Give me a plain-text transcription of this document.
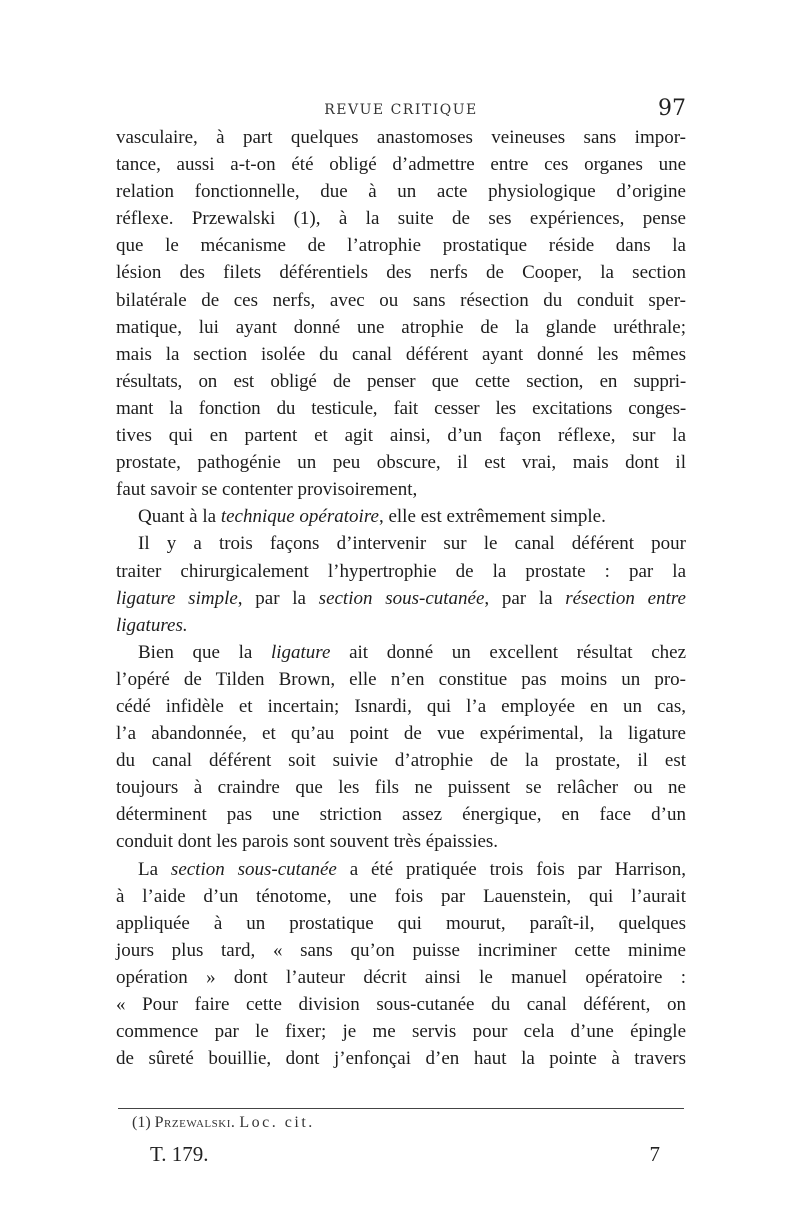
REVUE CRITIQUE	97
vasculaire, à part quelques anastomoses veineuses sans impor-
tance, aussi a-t-on été obligé d’admettre entre ces organes une
relation fonctionnelle, due à un acte physiologique d’origine
réflexe. Przewalski (1), à la suite de ses expériences, pense
que le mécanisme de l’atrophie prostatique réside dans la
lésion des filets déférentiels des nerfs de Cooper, la section
bilatérale de ces nerfs, avec ou sans résection du conduit sper-
matique, lui ayant donné une atrophie de la glande uréthrale;
mais la section isolée du canal déférent ayant donné les mêmes
résultats, on est obligé de penser que cette section, en suppri-
mant la fonction du testicule, fait cesser les excitations conges-
tives qui en partent et agit ainsi, d’un façon réflexe, sur la
prostate, pathogénie un peu obscure, il est vrai, mais dont il
faut savoir se contenter provisoirement,
Quant à la technique opératoire, elle est extrêmement simple.
Il y a trois façons d’intervenir sur le canal déférent pour
traiter chirurgicalement l’hypertrophie de la prostate : par la
ligature simple, par la section sous-cutanée, par la résection entre
ligatures.
Bien que la ligature ait donné un excellent résultat chez
l’opéré de Tilden Brown, elle n’en constitue pas moins un pro-
cédé infidèle et incertain; Isnardi, qui l’a employée en un cas,
l’a abandonnée, et qu’au point de vue expérimental, la ligature
du canal déférent soit suivie d’atrophie de la prostate, il est
toujours à craindre que les fils ne puissent se relâcher ou ne
déterminent pas une striction assez énergique, en face d’un
conduit dont les parois sont souvent très épaissies.
La section sous-cutanée a été pratiquée trois fois par Harrison,
à l’aide d’un ténotome, une fois par Lauenstein, qui l’aurait
appliquée à un prostatique qui mourut, paraît-il, quelques
jours plus tard, « sans qu’on puisse incriminer cette minime
opération » dont l’auteur décrit ainsi le manuel opératoire :
« Pour faire cette division sous-cutanée du canal déférent, on
commence par le fixer; je me servis pour cela d’une épingle
de sûreté bouillie, dont j’enfonçai d’en haut la pointe à travers
(1) Przewalski. Loc. cit.
T. 179.	7
